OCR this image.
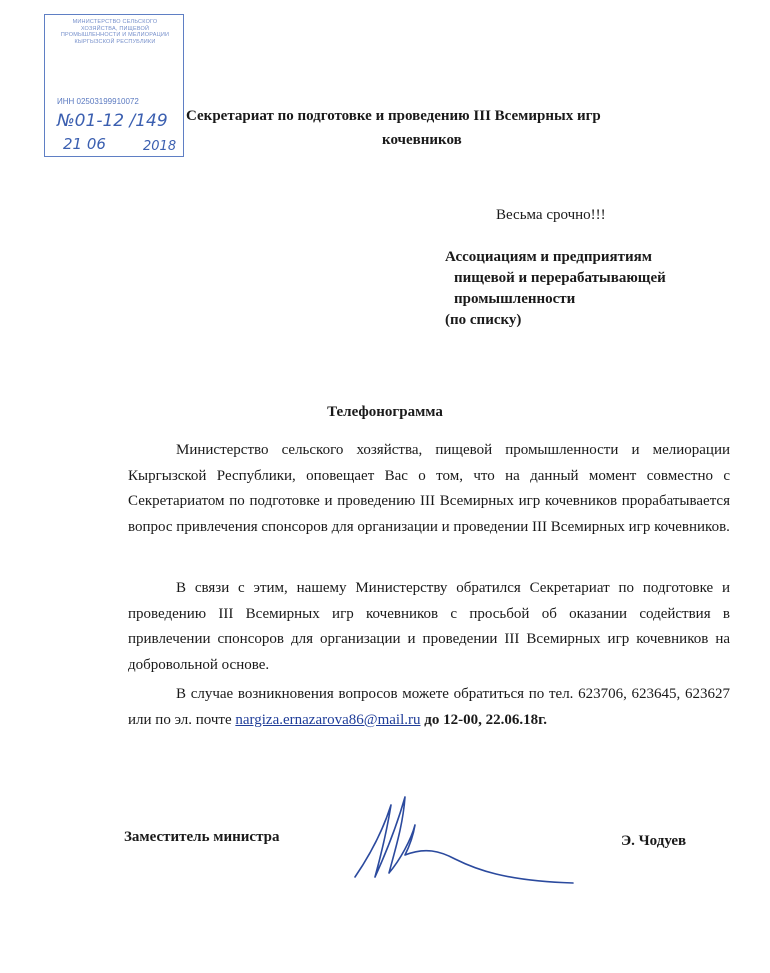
МИНИСТЕРСТВО СЕЛЬСКОГО ХОЗЯЙСТВА, ПИЩЕВОЙ ПРОМЫШЛЕННОСТИ И МЕЛИОРАЦИИ КЫРГЫЗСКОЙ РЕСПУБЛИКИ
ИНН 02503199910072
№01-12 /149
21 06	2018
Секретариат по подготовке и проведению III Всемирных игр
кочевников
Весьма срочно!!!
Ассоциациям и предприятиям
пищевой и перерабатывающей
промышленности
(по списку)
Телефонограмма
Министерство сельского хозяйства, пищевой промышленности и мелиорации Кыргызской Республики, оповещает Вас о том, что на данный момент совместно с Секретариатом по подготовке и проведению III Всемирных игр кочевников прорабатывается вопрос привлечения спонсоров для организации и проведении III Всемирных игр кочевников.
В связи с этим, нашему Министерству обратился Секретариат по подготовке и проведению III Всемирных игр кочевников с просьбой об оказании содействия в привлечении спонсоров для организации и проведении III Всемирных игр кочевников на добровольной основе.
В случае возникновения вопросов можете обратиться по тел. 623706, 623645, 623627 или по эл. почте nargiza.ernazarova86@mail.ru до 12-00, 22.06.18г.
Заместитель министра	Э. Чодуев
